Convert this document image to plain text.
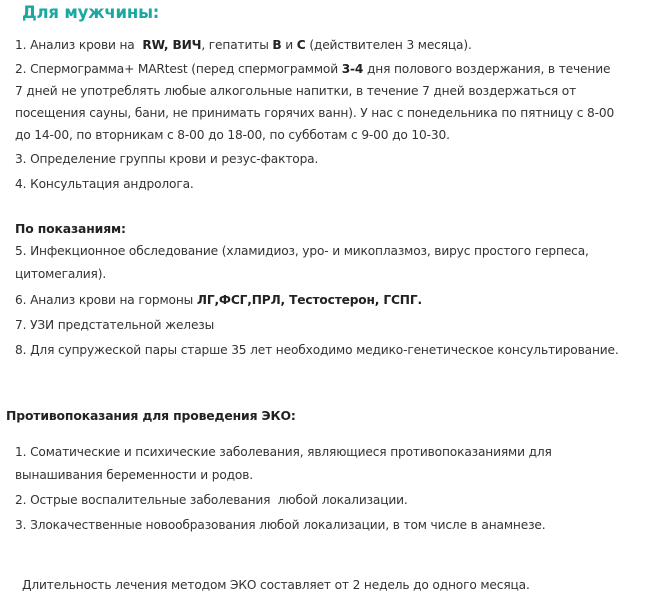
Для мужчины:
1. Анализ крови на RW, ВИЧ, гепатиты B и C (действителен 3 месяца).
2. Спермограмма+ MARtest (перед спермограммой 3-4 дня полового воздержания, в течение
7 дней не употреблять любые алкогольные напитки, в течение 7 дней воздержаться от
посещения сауны, бани, не принимать горячих ванн). У нас с понедельника по пятницу с 8-00
до 14-00, по вторникам с 8-00 до 18-00, по субботам с 9-00 до 10-30.
3. Определение группы крови и резус-фактора.
4. Консультация андролога.
По показаниям:
5. Инфекционное обследование (хламидиоз, уро- и микоплазмоз, вирус простого герпеса,
цитомегалия).
6. Анализ крови на гормоны ЛГ,ФСГ,ПРЛ, Тестостерон, ГСПГ.
7. УЗИ предстательной железы
8. Для супружеской пары старше 35 лет необходимо медико-генетическое консультирование.
Противопоказания для проведения ЭКО:
1. Соматические и психические заболевания, являющиеся противопоказаниями для
вынашивания беременности и родов.
2. Острые воспалительные заболевания  любой локализации.
3. Злокачественные новообразования любой локализации, в том числе в анамнезе.
Длительность лечения методом ЭКО составляет от 2 недель до одного месяца.
